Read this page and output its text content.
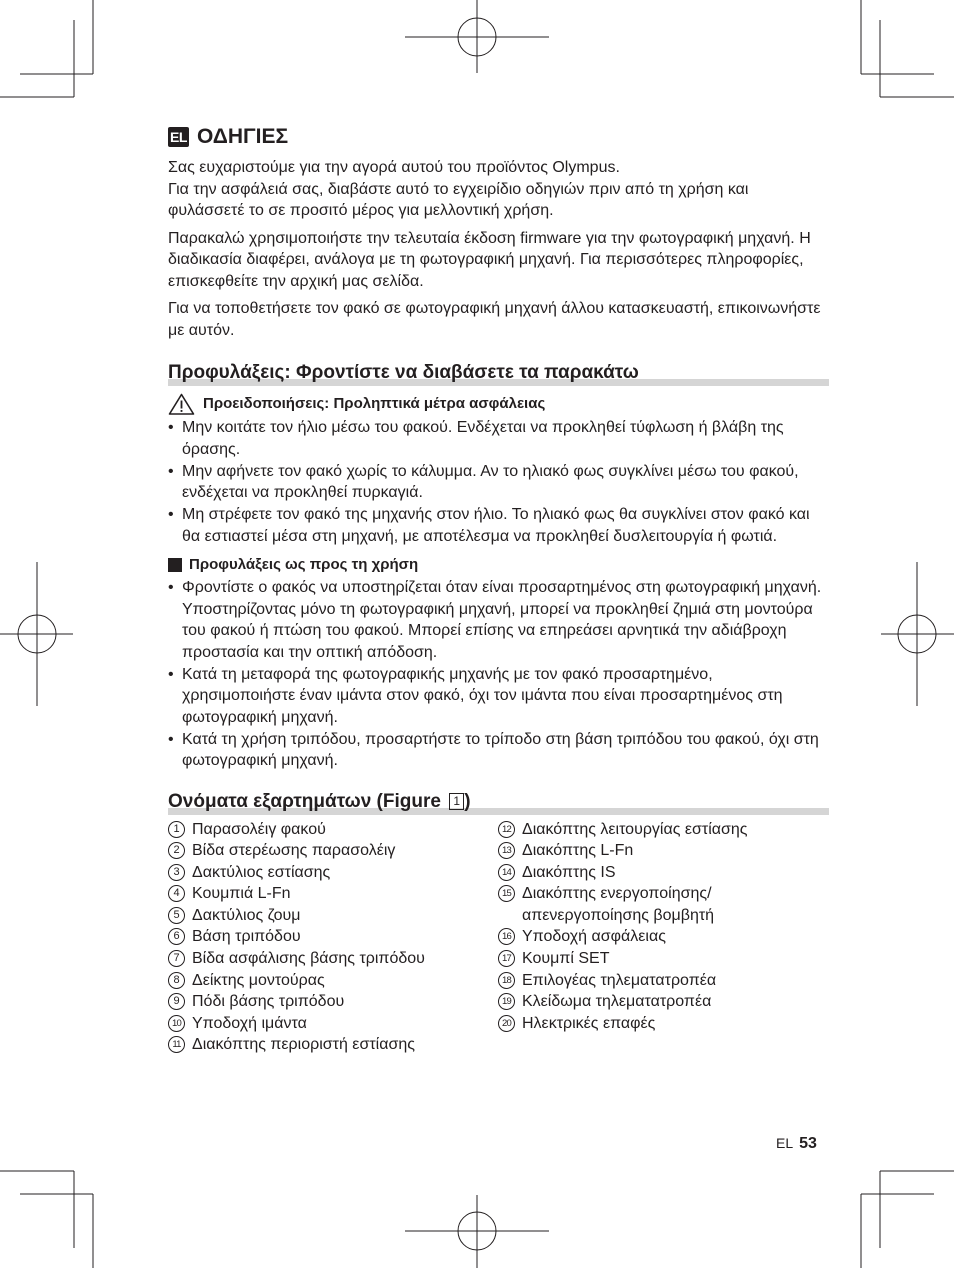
EL ΟΔΗΓΙΕΣ

Σας ευχαριστούμε για την αγορά αυτού του προϊόντος Olympus.
Για την ασφάλειά σας, διαβάστε αυτό το εγχειρίδιο οδηγιών πριν από τη χρήση και φυλάσσετέ το σε προσιτό μέρος για μελλοντική χρήση.

Παρακαλώ χρησιμοποιήστε την τελευταία έκδοση firmware για την φωτογραφική μηχανή. Η διαδικασία διαφέρει, ανάλογα με τη φωτογραφική μηχανή. Για περισσότερες πληροφορίες, επισκεφθείτε την αρχική μας σελίδα.

Για να τοποθετήσετε τον φακό σε φωτογραφική μηχανή άλλου κατασκευαστή, επικοινωνήστε με αυτόν.

Προφυλάξεις: Φροντίστε να διαβάσετε τα παρακάτω
Προειδοποιήσεις: Προληπτικά μέτρα ασφάλειας
• Μην κοιτάτε τον ήλιο μέσω του φακού. Ενδέχεται να προκληθεί τύφλωση ή βλάβη της όρασης.
• Μην αφήνετε τον φακό χωρίς το κάλυμμα. Αν το ηλιακό φως συγκλίνει μέσω του φακού, ενδέχεται να προκληθεί πυρκαγιά.
• Μη στρέφετε τον φακό της μηχανής στον ήλιο. Το ηλιακό φως θα συγκλίνει στον φακό και θα εστιαστεί μέσα στη μηχανή, με αποτέλεσμα να προκληθεί δυσλειτουργία ή φωτιά.
Προφυλάξεις ως προς τη χρήση
• Φροντίστε ο φακός να υποστηρίζεται όταν είναι προσαρτημένος στη φωτογραφική μηχανή. Υποστηρίζοντας μόνο τη φωτογραφική μηχανή, μπορεί να προκληθεί ζημιά στη μοντούρα του φακού ή πτώση του φακού. Μπορεί επίσης να επηρεάσει αρνητικά την αδιάβροχη προστασία και την οπτική απόδοση.
• Κατά τη μεταφορά της φωτογραφικής μηχανής με τον φακό προσαρτημένο, χρησιμοποιήστε έναν ιμάντα στον φακό, όχι τον ιμάντα που είναι προσαρτημένος στη φωτογραφική μηχανή.
• Κατά τη χρήση τριπόδου, προσαρτήστε το τρίποδο στη βάση τριπόδου του φακού, όχι στη φωτογραφική μηχανή.
Ονόματα εξαρτημάτων (Figure 1 )
1 Παρασολέιγ φακού
2 Βίδα στερέωσης παρασολέιγ
3 Δακτύλιος εστίασης
4 Κουμπιά L-Fn
5 Δακτύλιος ζουμ
6 Βάση τριπόδου
7 Βίδα ασφάλισης βάσης τριπόδου
8 Δείκτης μοντούρας
9 Πόδι βάσης τριπόδου
10 Υποδοχή ιμάντα
11 Διακόπτης περιοριστή εστίασης
12 Διακόπτης λειτουργίας εστίασης
13 Διακόπτης L-Fn
14 Διακόπτης IS
15 Διακόπτης ενεργοποίησης/ απενεργοποίησης βομβητή
16 Υποδοχή ασφάλειας
17 Κουμπί SET
18 Επιλογέας τηλεματατροπέα
19 Κλείδωμα τηλεματατροπέα
20 Ηλεκτρικές επαφές
EL 53
